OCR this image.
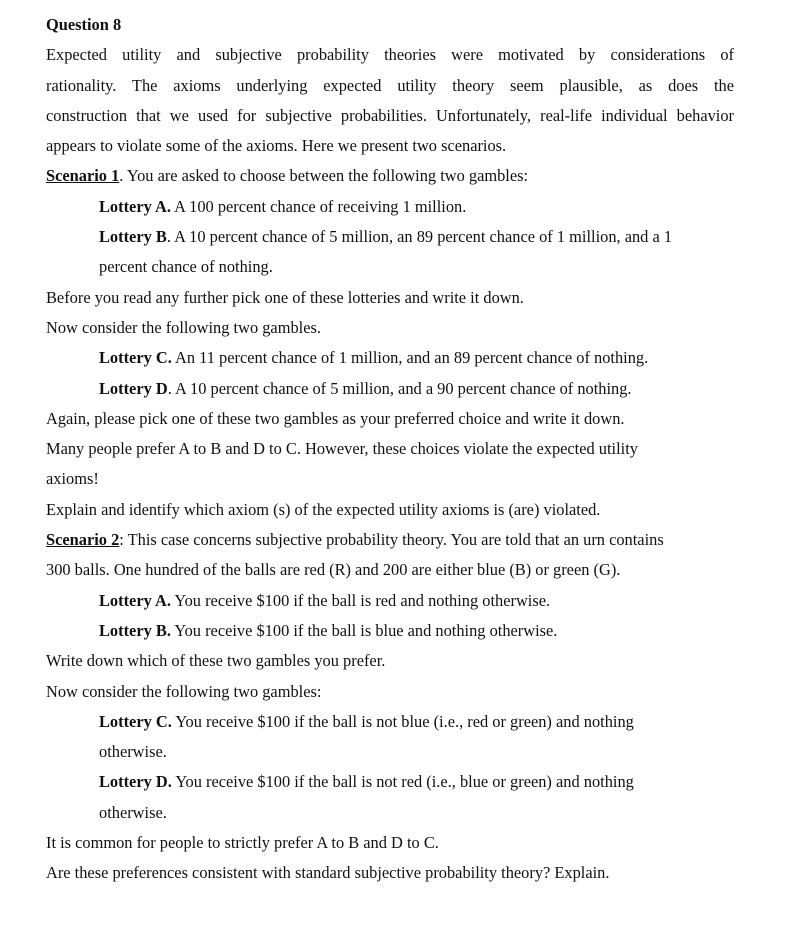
Question 8
Expected utility and subjective probability theories were motivated by considerations of
rationality. The axioms underlying expected utility theory seem plausible, as does the
construction that we used for subjective probabilities. Unfortunately, real-life individual behavior
appears to violate some of the axioms. Here we present two scenarios.
Scenario 1. You are asked to choose between the following two gambles:
Lottery A. A 100 percent chance of receiving 1 million.
Lottery B. A 10 percent chance of 5 million, an 89 percent chance of 1 million, and a 1
percent chance of nothing.
Before you read any further pick one of these lotteries and write it down.
Now consider the following two gambles.
Lottery C. An 11 percent chance of 1 million, and an 89 percent chance of nothing.
Lottery D. A 10 percent chance of 5 million, and a 90 percent chance of nothing.
Again, please pick one of these two gambles as your preferred choice and write it down.
Many people prefer A to B and D to C. However, these choices violate the expected utility
axioms!
Explain and identify which axiom (s) of the expected utility axioms is (are) violated.
Scenario 2: This case concerns subjective probability theory. You are told that an urn contains
300 balls. One hundred of the balls are red (R) and 200 are either blue (B) or green (G).
Lottery A. You receive $100 if the ball is red and nothing otherwise.
Lottery B. You receive $100 if the ball is blue and nothing otherwise.
Write down which of these two gambles you prefer.
Now consider the following two gambles:
Lottery C. You receive $100 if the ball is not blue (i.e., red or green) and nothing
otherwise.
Lottery D. You receive $100 if the ball is not red (i.e., blue or green) and nothing
otherwise.
It is common for people to strictly prefer A to B and D to C.
Are these preferences consistent with standard subjective probability theory? Explain.
